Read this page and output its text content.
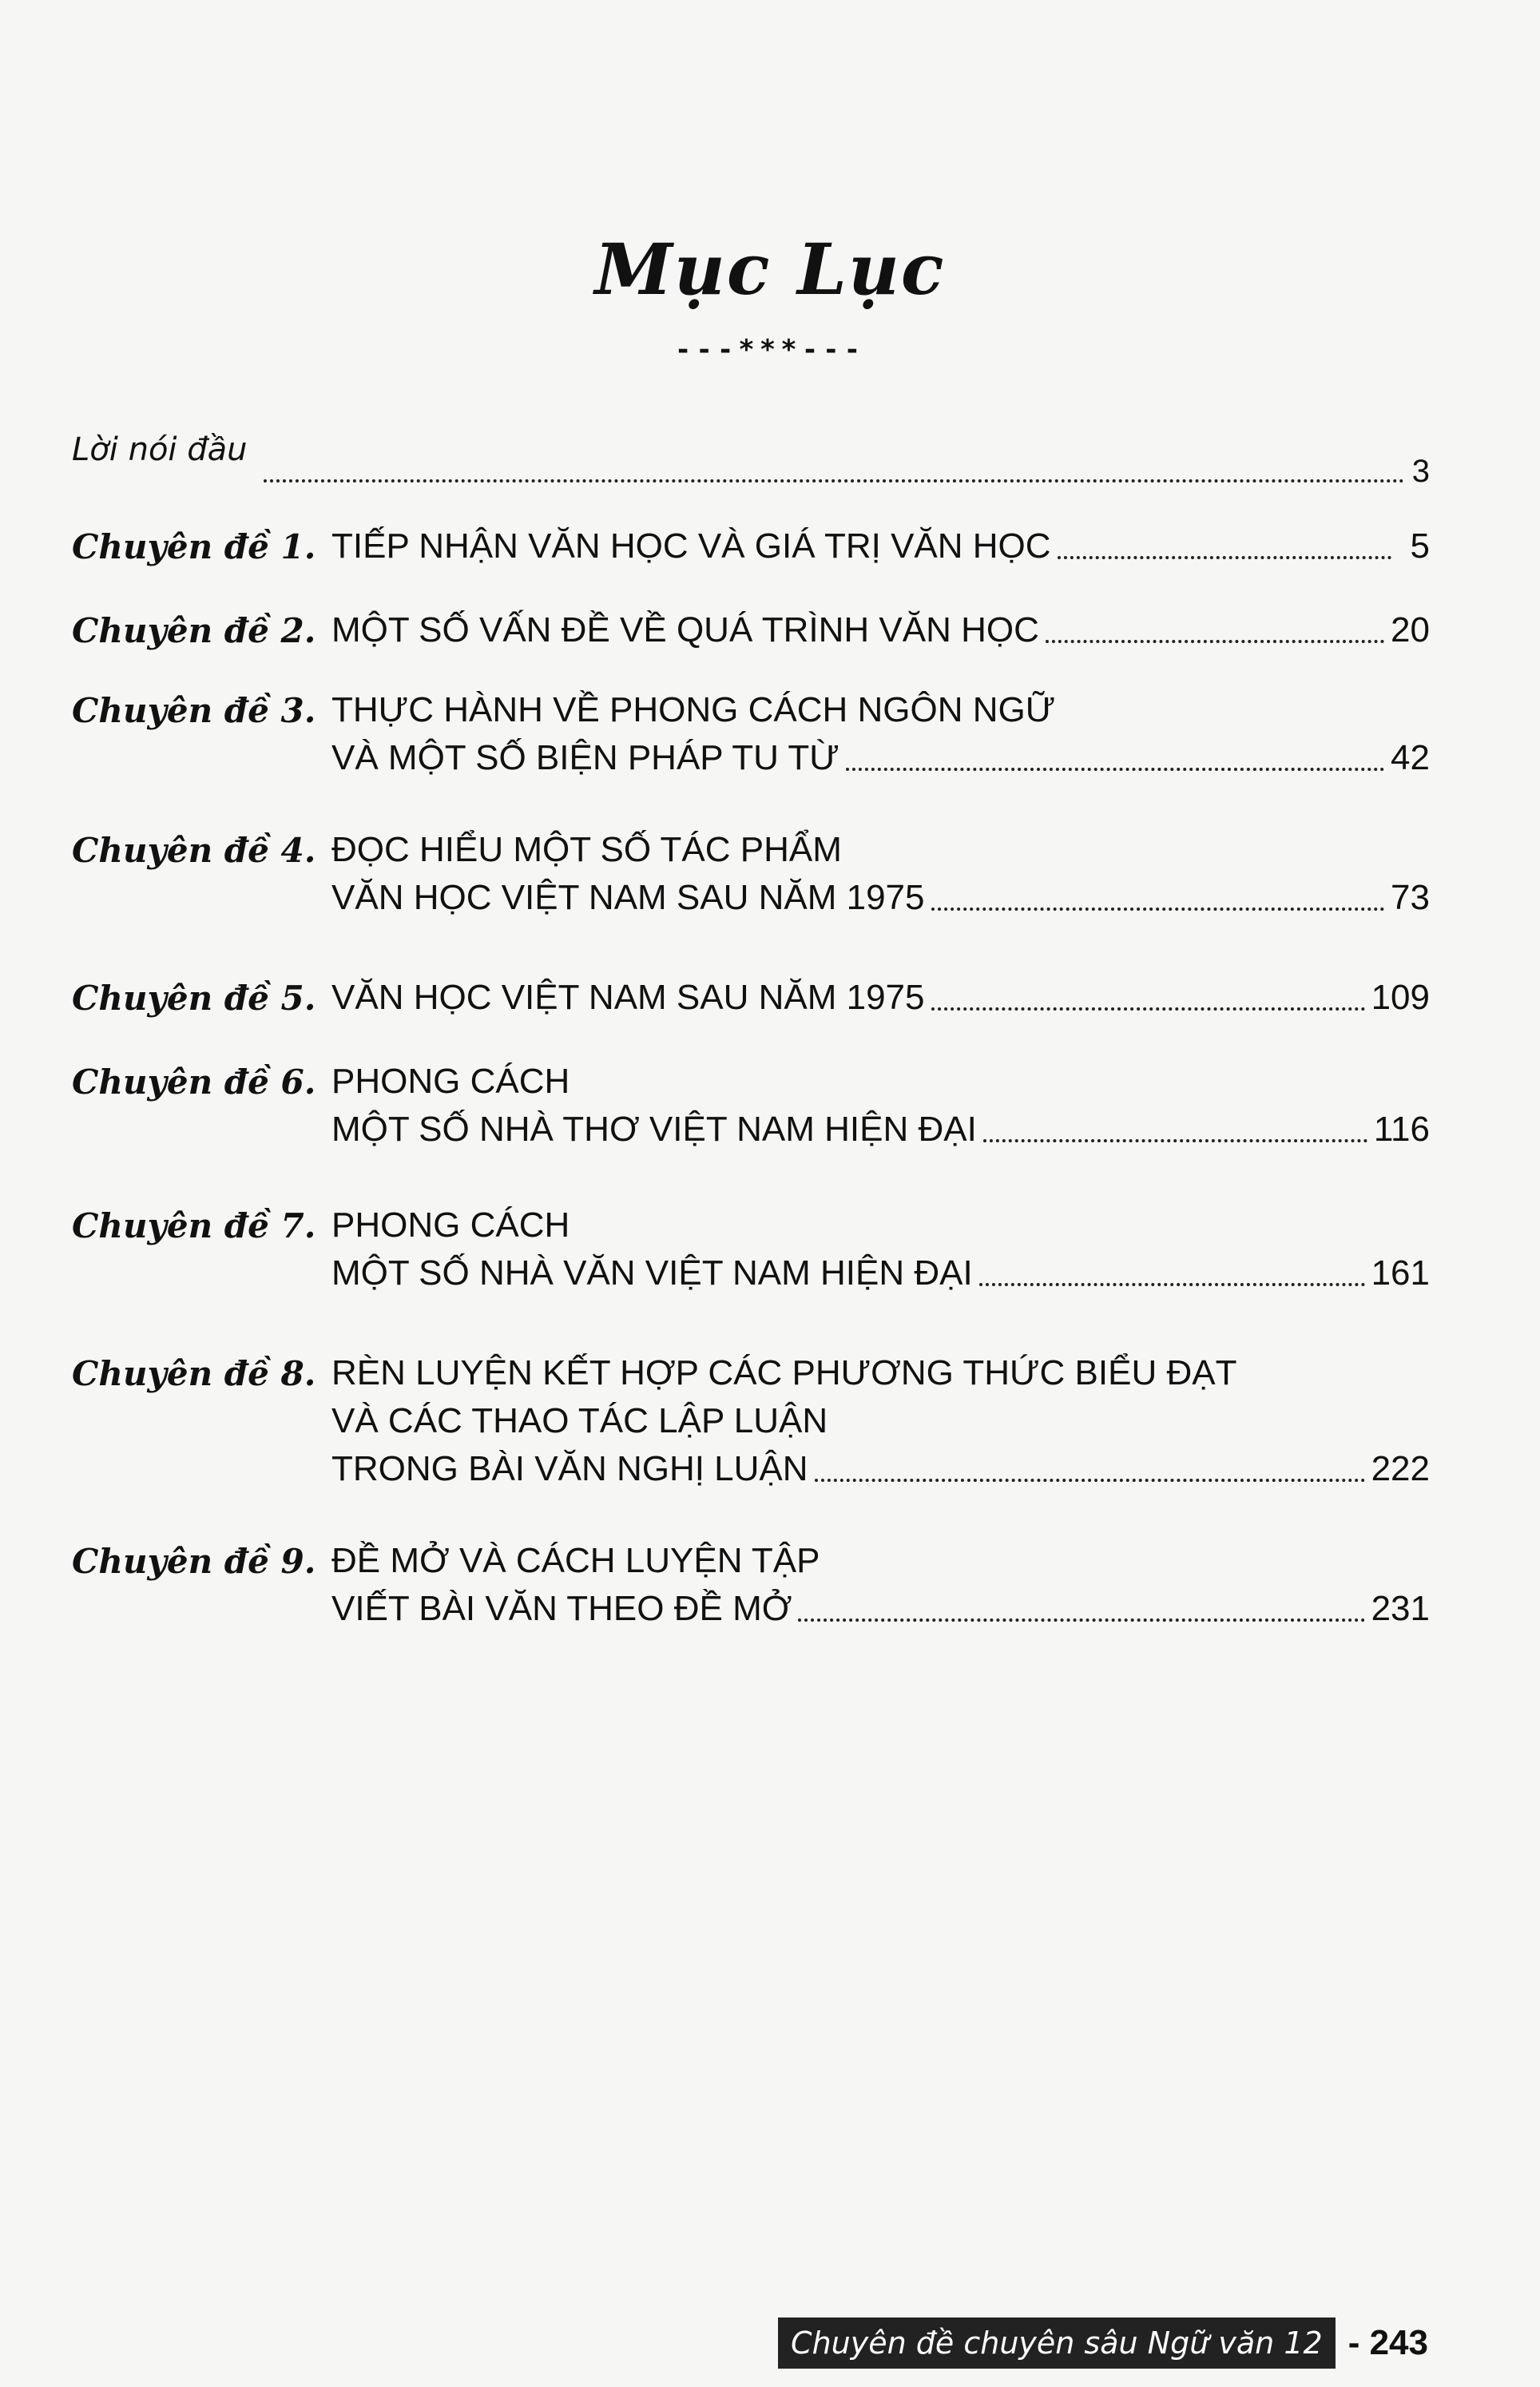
Mục Lục
---***---
Lời nói đầu
3
Chuyên đề 1. TIẾP NHẬN VĂN HỌC VÀ GIÁ TRỊ VĂN HỌC	5
Chuyên đề 2. MỘT SỐ VẤN ĐỀ VỀ QUÁ TRÌNH VĂN HỌC	20
Chuyên đề 3. THỰC HÀNH VỀ PHONG CÁCH NGÔN NGỮ
VÀ MỘT SỐ BIỆN PHÁP TU TỪ	42
Chuyên đề 4. ĐỌC HIỂU MỘT SỐ TÁC PHẨM
VĂN HỌC VIỆT NAM SAU NĂM 1975	73
Chuyên đề 5. VĂN HỌC VIỆT NAM SAU NĂM 1975	109
Chuyên đề 6. PHONG CÁCH
MỘT SỐ NHÀ THƠ VIỆT NAM HIỆN ĐẠI	116
Chuyên đề 7. PHONG CÁCH
MỘT SỐ NHÀ VĂN VIỆT NAM HIỆN ĐẠI	161
Chuyên đề 8. RÈN LUYỆN KẾT HỢP CÁC PHƯƠNG THỨC BIỂU ĐẠT
VÀ CÁC THAO TÁC LẬP LUẬN
TRONG BÀI VĂN NGHỊ LUẬN	222
Chuyên đề 9. ĐỀ MỞ VÀ CÁCH LUYỆN TẬP
VIẾT BÀI VĂN THEO ĐỀ MỞ	231
Chuyên đề chuyên sâu Ngữ văn 12 - 243
